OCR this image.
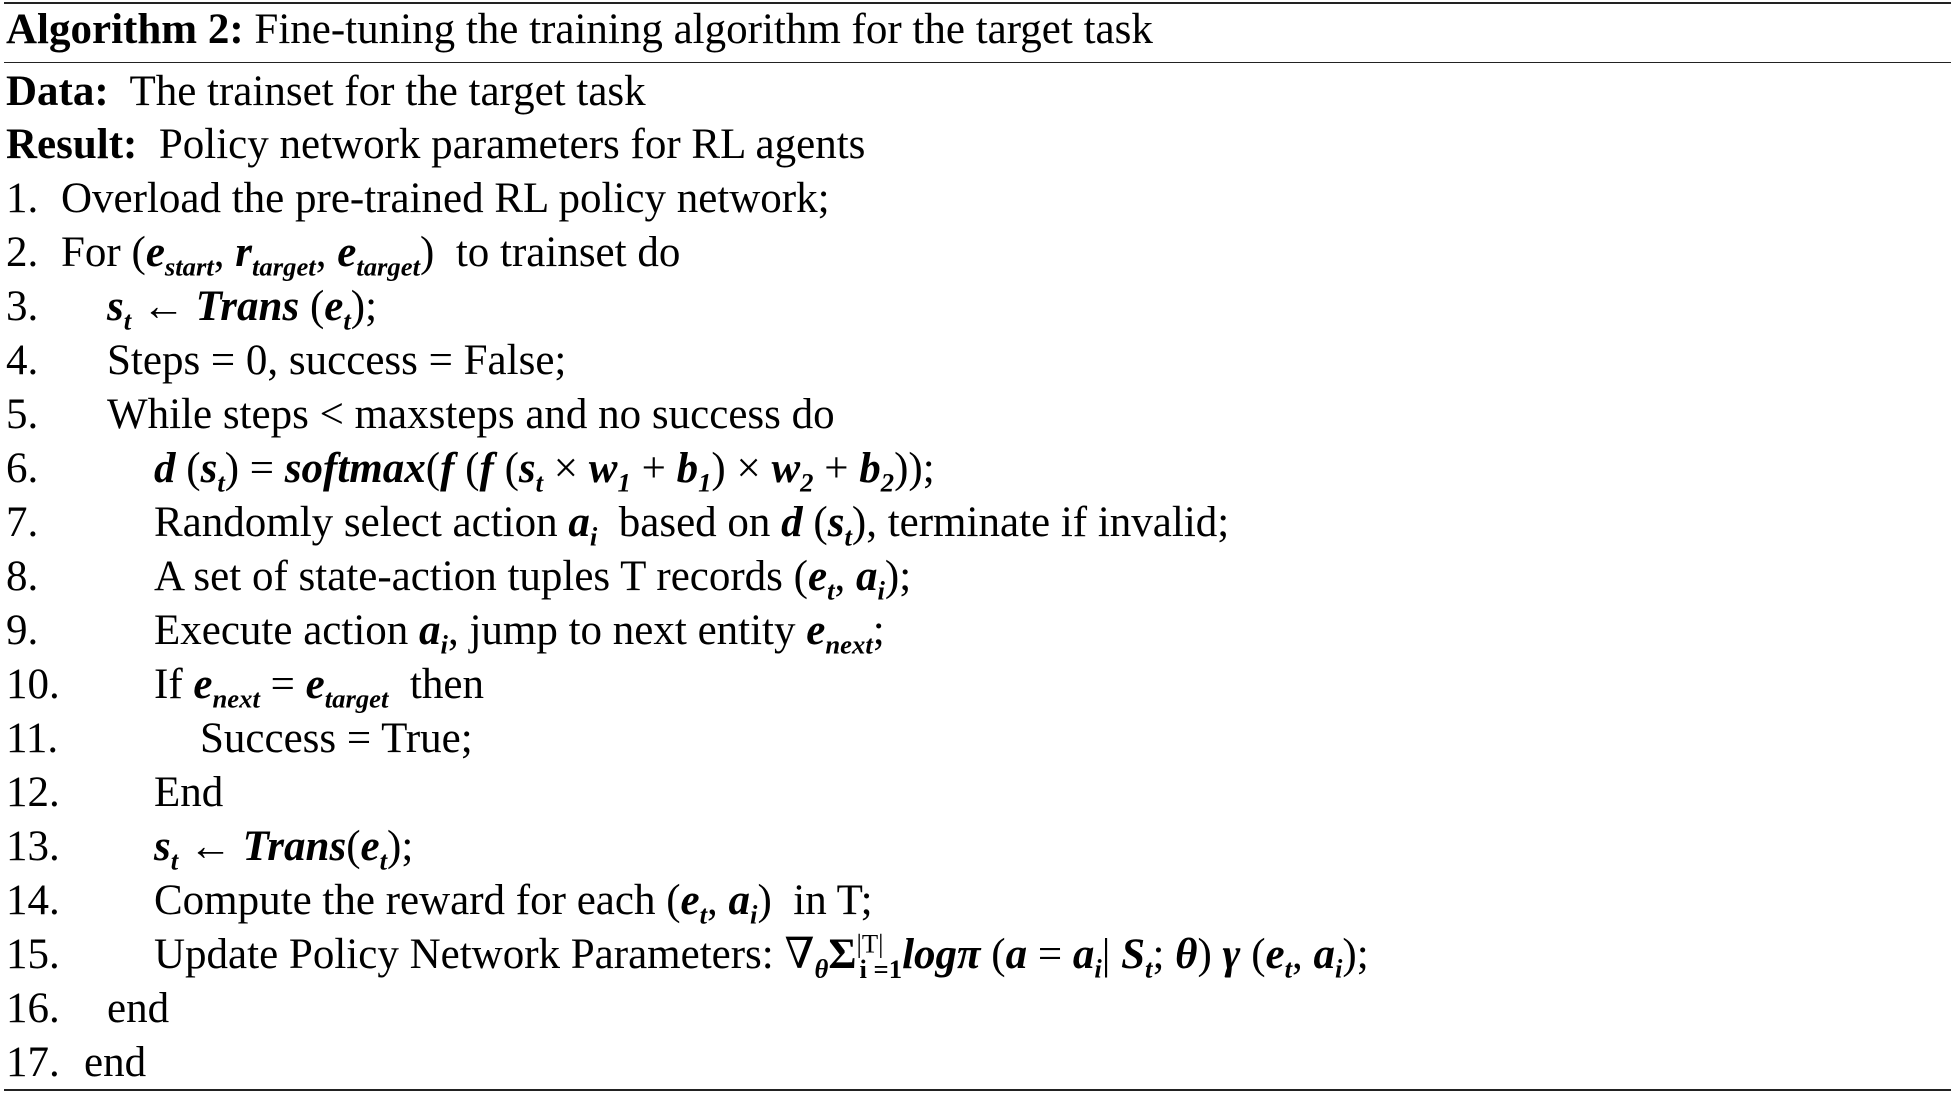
Algorithm 2: Fine-tuning the training algorithm for the target task
Data: The trainset for the target task
Result: Policy network parameters for RL agents
1. Overload the pre-trained RL policy network;
2. For ($e_{start}$, $r_{target}$, $e_{target}$)  to trainset do
3. $s_t$ ← Trans $(e_t)$;
4. Steps = 0, success = False;
5. While steps < maxsteps and no success do
6.	d $(s_t)$ = softmax(f (f $(s_t \times w_1 + b_1) \times w_2 + b_2$));
7.	Randomly select action $a_i$  based on d $(s_t)$, terminate if invalid;
8.	A set of state-action tuples T records ($e_t$, $a_i$);
9.	Execute action $a_i$, jump to next entity $e_{next}$;
10. If $e_{next} = e_{target}$  then
11.	Success = True;
12. End
13. $s_t$ ← $Trans(e_t)$;
14. Compute the reward for each ($e_t$, $a_i$)  in T;
15. Update Policy Network Parameters: $\nabla_\theta\Sigma^{|T|}_{i =1}\log\pi$ ($a = a_i|$ $S_t$; θ) γ ($e_t$, $a_i$);
16. end
17. end
